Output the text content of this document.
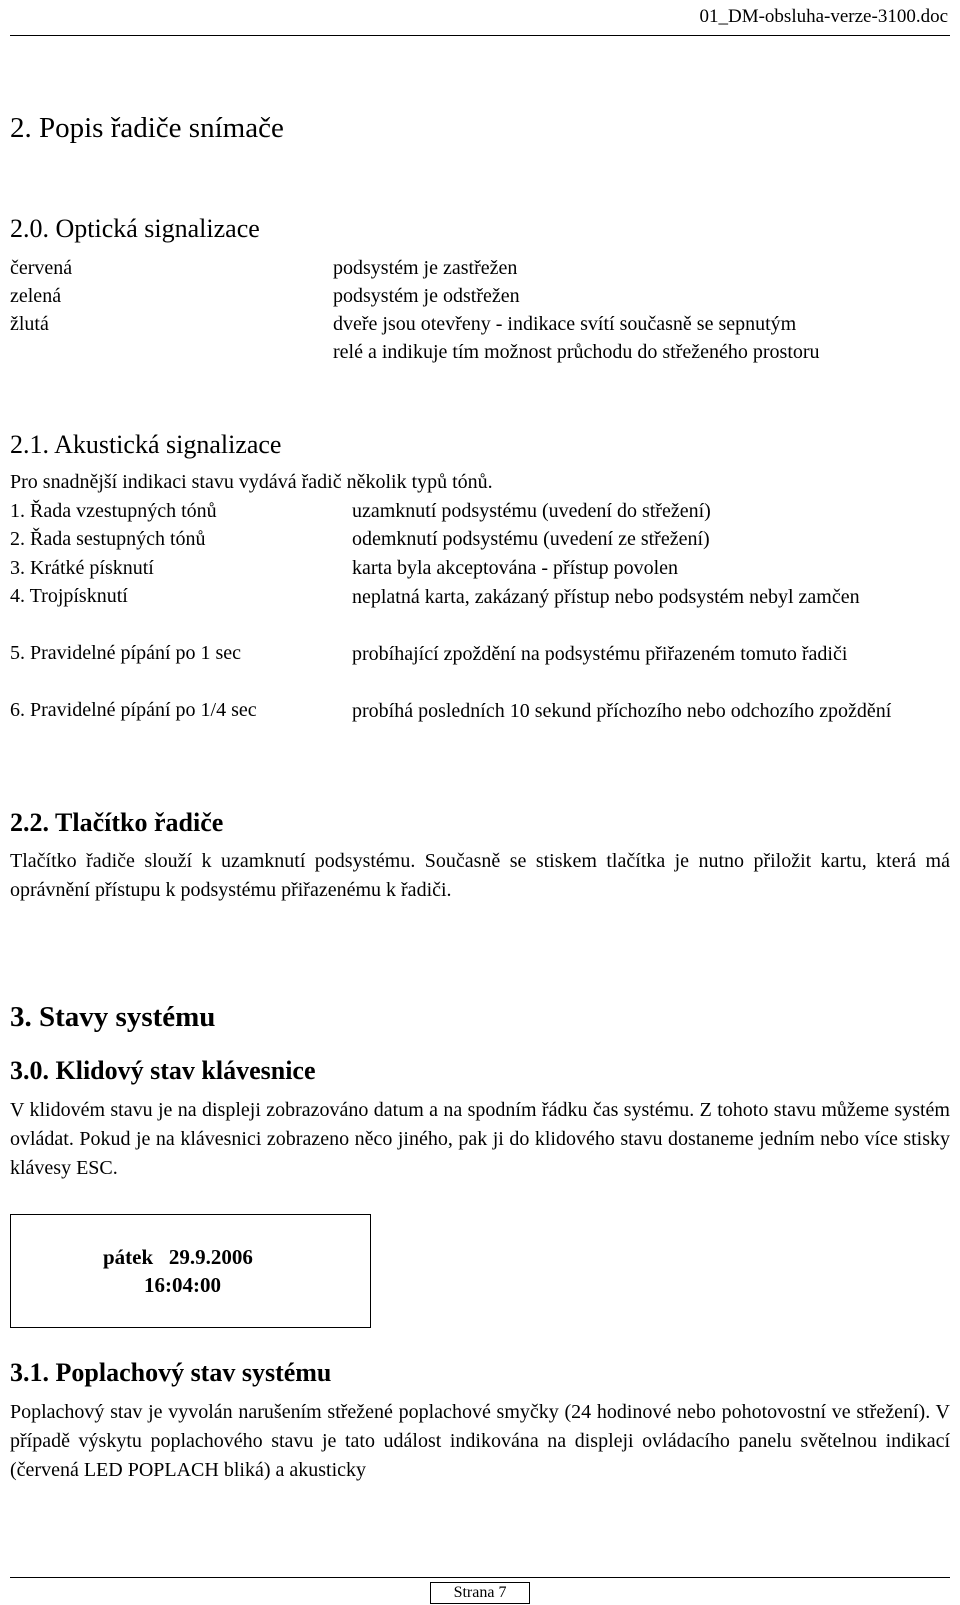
01_DM-obsluha-verze-3100.doc
2. Popis řadiče snímače
2.0. Optická signalizace
červená	podsystém je zastřežen
zelená	podsystém je odstřežen
žlutá	dveře jsou otevřeny - indikace svítí současně se sepnutým
relé a indikuje tím možnost průchodu do střeženého prostoru
2.1. Akustická signalizace
Pro snadnější indikaci stavu vydává řadič několik typů tónů.
1. Řada vzestupných tónů	uzamknutí podsystému (uvedení do střežení)
2. Řada sestupných tónů	odemknutí podsystému (uvedení ze střežení)
3. Krátké písknutí	karta byla akceptována - přístup povolen
4. Trojpísknutí	neplatná karta, zakázaný přístup nebo podsystém nebyl zamčen
5. Pravidelné pípání po 1 sec	probíhající zpoždění na podsystému přiřazeném tomuto řadiči
6. Pravidelné pípání po 1/4 sec	probíhá posledních 10 sekund příchozího nebo odchozího zpoždění
2.2. Tlačítko řadiče
Tlačítko řadiče slouží k uzamknutí podsystému. Současně se stiskem tlačítka je nutno přiložit kartu, která má oprávnění přístupu k podsystému přiřazenému k řadiči.
3. Stavy systému
3.0. Klidový stav klávesnice
V klidovém stavu je na displeji zobrazováno datum a na spodním řádku čas systému. Z tohoto stavu můžeme systém ovládat. Pokud je na klávesnici zobrazeno něco jiného, pak ji do klidového stavu dostaneme jedním nebo více stisky klávesy ESC.
pátek   29.9.2006
16:04:00
3.1. Poplachový stav systému
Poplachový stav je vyvolán narušením střežené poplachové smyčky (24 hodinové nebo pohotovostní ve střežení). V případě výskytu poplachového stavu je tato událost indikována na displeji ovládacího panelu světelnou indikací (červená LED POPLACH bliká) a akusticky
Strana 7
